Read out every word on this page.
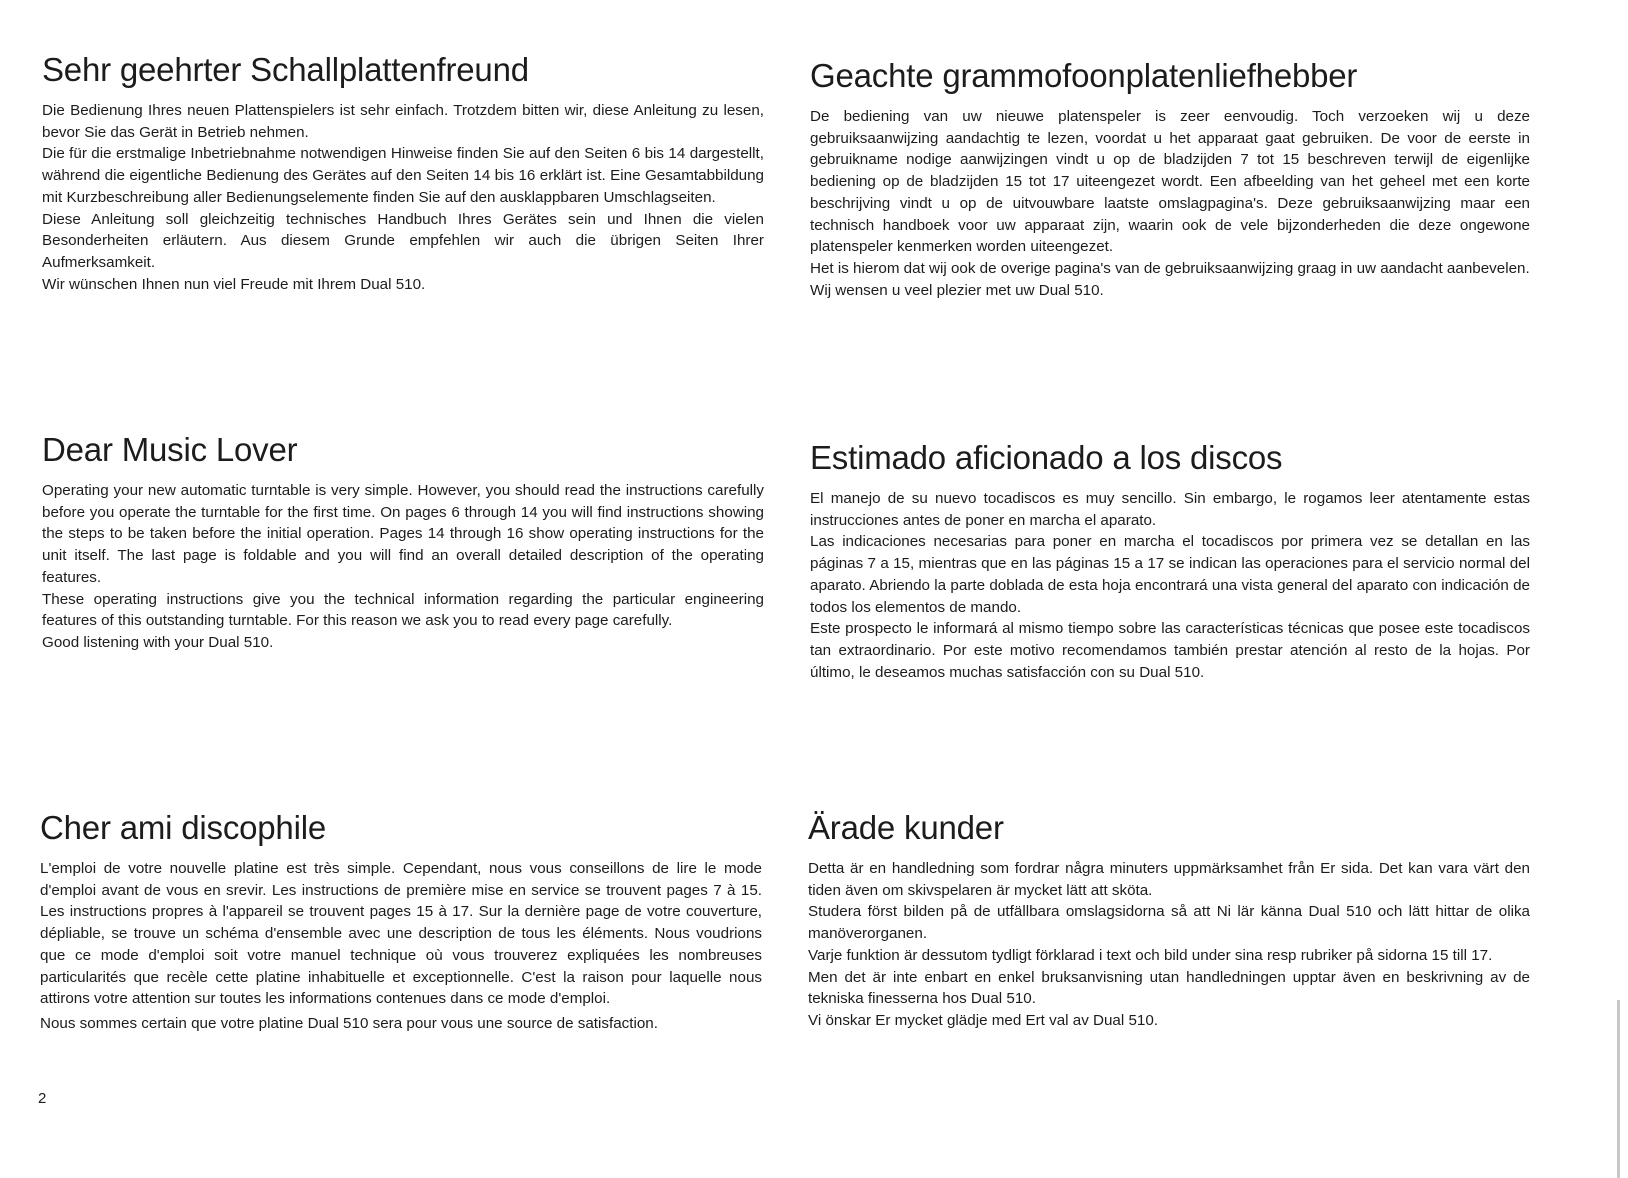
Sehr geehrter Schallplattenfreund

Die Bedienung Ihres neuen Plattenspielers ist sehr einfach. Trotzdem bitten wir, diese Anleitung zu lesen, bevor Sie das Gerät in Betrieb nehmen.

Die für die erstmalige Inbetriebnahme notwendigen Hinweise finden Sie auf den Seiten 6 bis 14 dargestellt, während die eigentliche Bedienung des Gerätes auf den Seiten 14 bis 16 erklärt ist. Eine Gesamtabbildung mit Kurzbeschreibung aller Bedienungselemente finden Sie auf den ausklappbaren Umschlagseiten.

Diese Anleitung soll gleichzeitig technisches Handbuch Ihres Gerätes sein und Ihnen die vielen Besonderheiten erläutern. Aus diesem Grunde empfehlen wir auch die übrigen Seiten Ihrer Aufmerksamkeit.

Wir wünschen Ihnen nun viel Freude mit Ihrem Dual 510.

Geachte grammofoonplatenliefhebber

De bediening van uw nieuwe platenspeler is zeer eenvoudig. Toch verzoeken wij u deze gebruiksaanwijzing aandachtig te lezen, voordat u het apparaat gaat gebruiken. De voor de eerste in gebruikname nodige aanwijzingen vindt u op de bladzijden 7 tot 15 beschreven terwijl de eigenlijke bediening op de bladzijden 15 tot 17 uiteengezet wordt. Een afbeelding van het geheel met een korte beschrijving vindt u op de uitvouwbare laatste omslagpagina's. Deze gebruiksaanwijzing maar een technisch handboek voor uw apparaat zijn, waarin ook de vele bijzonderheden die deze ongewone platenspeler kenmerken worden uiteengezet.

Het is hierom dat wij ook de overige pagina's van de gebruiksaanwijzing graag in uw aandacht aanbevelen.

Wij wensen u veel plezier met uw Dual 510.

Dear Music Lover

Operating your new automatic turntable is very simple. However, you should read the instructions carefully before you operate the turntable for the first time. On pages 6 through 14 you will find instructions showing the steps to be taken before the initial operation. Pages 14 through 16 show operating instructions for the unit itself. The last page is foldable and you will find an overall detailed description of the operating features.

These operating instructions give you the technical information regarding the particular engineering features of this outstanding turntable. For this reason we ask you to read every page carefully.

Good listening with your Dual 510.

Estimado aficionado a los discos

El manejo de su nuevo tocadiscos es muy sencillo. Sin embargo, le rogamos leer atentamente estas instrucciones antes de poner en marcha el aparato.

Las indicaciones necesarias para poner en marcha el tocadiscos por primera vez se detallan en las páginas 7 a 15, mientras que en las páginas 15 a 17 se indican las operaciones para el servicio normal del aparato. Abriendo la parte doblada de esta hoja encontrará una vista general del aparato con indicación de todos los elementos de mando.

Este prospecto le informará al mismo tiempo sobre las características técnicas que posee este tocadiscos tan extraordinario. Por este motivo recomendamos también prestar atención al resto de la hojas. Por último, le deseamos muchas satisfacción con su Dual 510.

Cher ami discophile

L'emploi de votre nouvelle platine est très simple. Cependant, nous vous conseillons de lire le mode d'emploi avant de vous en srevir. Les instructions de première mise en service se trouvent pages 7 à 15. Les instructions propres à l'appareil se trouvent pages 15 à 17. Sur la dernière page de votre couverture, dépliable, se trouve un schéma d'ensemble avec une description de tous les éléments. Nous voudrions que ce mode d'emploi soit votre manuel technique où vous trouverez expliquées les nombreuses particularités que recèle cette platine inhabituelle et exceptionnelle. C'est la raison pour laquelle nous attirons votre attention sur toutes les informations contenues dans ce mode d'emploi.

Nous sommes certain que votre platine Dual 510 sera pour vous une source de satisfaction.

Ärade kunder

Detta är en handledning som fordrar några minuters uppmärksamhet från Er sida. Det kan vara värt den tiden även om skivspelaren är mycket lätt att sköta.

Studera först bilden på de utfällbara omslagsidorna så att Ni lär känna Dual 510 och lätt hittar de olika manöverorganen.

Varje funktion är dessutom tydligt förklarad i text och bild under sina resp rubriker på sidorna 15 till 17.

Men det är inte enbart en enkel bruksanvisning utan handledningen upptar även en beskrivning av de tekniska finesserna hos Dual 510.

Vi önskar Er mycket glädje med Ert val av Dual 510.

2
